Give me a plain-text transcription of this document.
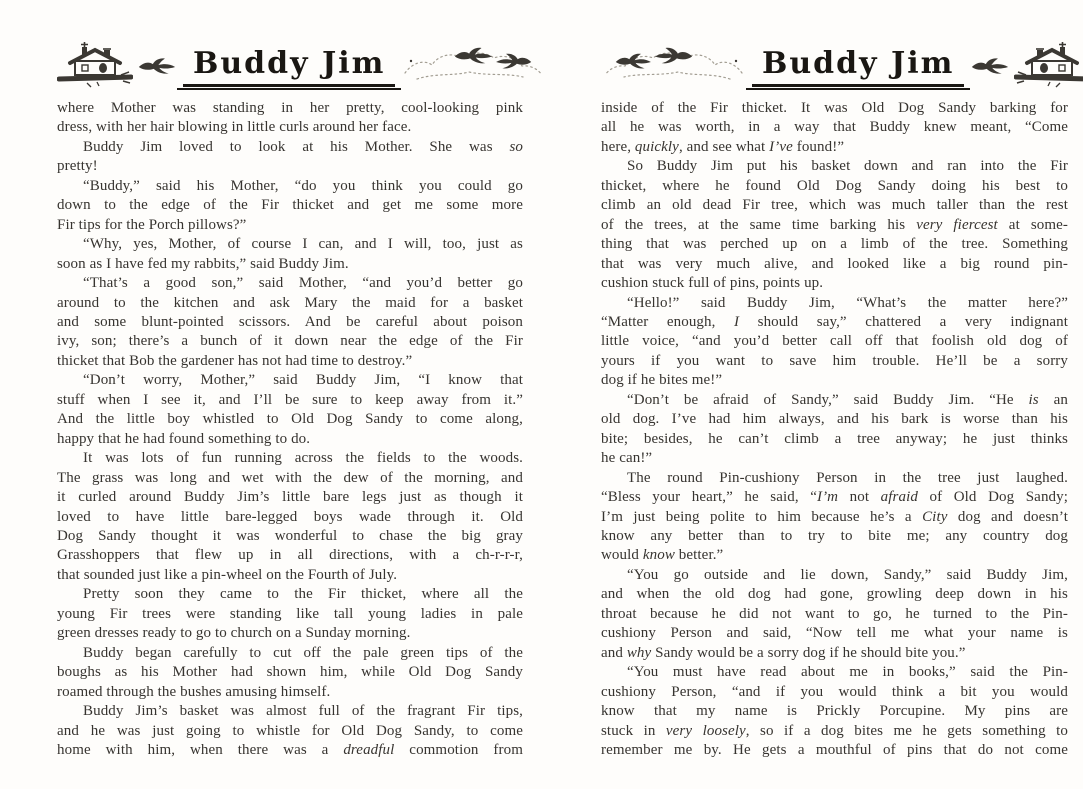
Buddy Jim
where Mother was standing in her pretty, cool-looking pink
dress, with her hair blowing in little curls around her face.
Buddy Jim loved to look at his Mother. She was so
pretty!
“Buddy,” said his Mother, “do you think you could go
down to the edge of the Fir thicket and get me some more
Fir tips for the Porch pillows?”
“Why, yes, Mother, of course I can, and I will, too, just as
soon as I have fed my rabbits,” said Buddy Jim.
“That’s a good son,” said Mother, “and you’d better go
around to the kitchen and ask Mary the maid for a basket
and some blunt-pointed scissors. And be careful about poison
ivy, son; there’s a bunch of it down near the edge of the Fir
thicket that Bob the gardener has not had time to destroy.”
“Don’t worry, Mother,” said Buddy Jim, “I know that
stuff when I see it, and I’ll be sure to keep away from it.”
And the little boy whistled to Old Dog Sandy to come along,
happy that he had found something to do.
It was lots of fun running across the fields to the woods.
The grass was long and wet with the dew of the morning, and
it curled around Buddy Jim’s little bare legs just as though it
loved to have little bare-legged boys wade through it. Old
Dog Sandy thought it was wonderful to chase the big gray
Grasshoppers that flew up in all directions, with a ch-r-r-r,
that sounded just like a pin-wheel on the Fourth of July.
Pretty soon they came to the Fir thicket, where all the
young Fir trees were standing like tall young ladies in pale
green dresses ready to go to church on a Sunday morning.
Buddy began carefully to cut off the pale green tips of the
boughs as his Mother had shown him, while Old Dog Sandy
roamed through the bushes amusing himself.
Buddy Jim’s basket was almost full of the fragrant Fir tips,
and he was just going to whistle for Old Dog Sandy, to come
home with him, when there was a dreadful commotion from
Buddy Jim
inside of the Fir thicket. It was Old Dog Sandy barking for
all he was worth, in a way that Buddy knew meant, “Come
here, quickly, and see what I’ve found!”
So Buddy Jim put his basket down and ran into the Fir
thicket, where he found Old Dog Sandy doing his best to
climb an old dead Fir tree, which was much taller than the rest
of the trees, at the same time barking his very fiercest at some-
thing that was perched up on a limb of the tree. Something
that was very much alive, and looked like a big round pin-
cushion stuck full of pins, points up.
“Hello!” said Buddy Jim, “What’s the matter here?”
“Matter enough, I should say,” chattered a very indignant
little voice, “and you’d better call off that foolish old dog of
yours if you want to save him trouble. He’ll be a sorry
dog if he bites me!”
“Don’t be afraid of Sandy,” said Buddy Jim. “He is an
old dog. I’ve had him always, and his bark is worse than his
bite; besides, he can’t climb a tree anyway; he just thinks
he can!”
The round Pin-cushiony Person in the tree just laughed.
“Bless your heart,” he said, “I’m not afraid of Old Dog Sandy;
I’m just being polite to him because he’s a City dog and doesn’t
know any better than to try to bite me; any country dog
would know better.”
“You go outside and lie down, Sandy,” said Buddy Jim,
and when the old dog had gone, growling deep down in his
throat because he did not want to go, he turned to the Pin-
cushiony Person and said, “Now tell me what your name is
and why Sandy would be a sorry dog if he should bite you.”
“You must have read about me in books,” said the Pin-
cushiony Person, “and if you would think a bit you would
know that my name is Prickly Porcupine. My pins are
stuck in very loosely, so if a dog bites me he gets something to
remember me by. He gets a mouthful of pins that do not come
